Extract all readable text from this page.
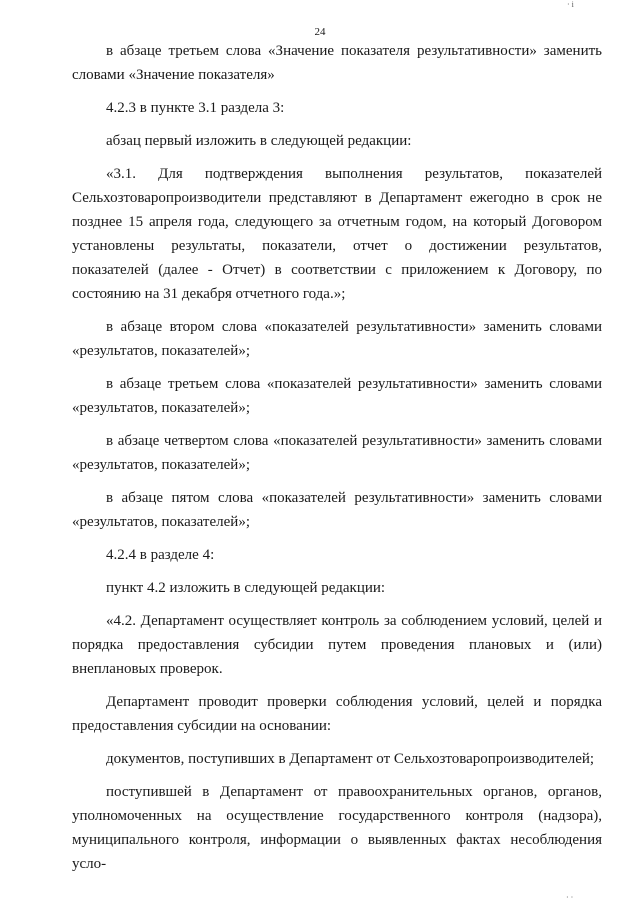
24
· i

в абзаце третьем слова «Значение показателя результативности» заменить словами «Значение показателя»

4.2.3 в пункте 3.1 раздела 3:

абзац первый изложить в следующей редакции:

«3.1. Для подтверждения выполнения результатов, показателей Сельхозтоваропроизводители представляют в Департамент ежегодно в срок не позднее 15 апреля года, следующего за отчетным годом, на который Договором установлены результаты, показатели, отчет о достижении результатов, показателей (далее - Отчет) в соответствии с приложением к Договору, по состоянию на 31 декабря отчетного года.»;

в абзаце втором слова «показателей результативности» заменить словами «результатов, показателей»;

в абзаце третьем слова «показателей результативности» заменить словами «результатов, показателей»;

в абзаце четвертом слова «показателей результативности» заменить словами «результатов, показателей»;

в абзаце пятом слова «показателей результативности» заменить словами «результатов, показателей»;

4.2.4 в разделе 4:

пункт 4.2 изложить в следующей редакции:

«4.2. Департамент осуществляет контроль за соблюдением условий, целей и порядка предоставления субсидии путем проведения плановых и (или) внеплановых проверок.

Департамент проводит проверки соблюдения условий, целей и порядка предоставления субсидии на основании:

документов, поступивших в Департамент от Сельхозтоваропроизводителей;

поступившей в Департамент от правоохранительных органов, органов, уполномоченных на осуществление государственного контроля (надзора), муниципального контроля, информации о выявленных фактах несоблюдения усло-

· ·
